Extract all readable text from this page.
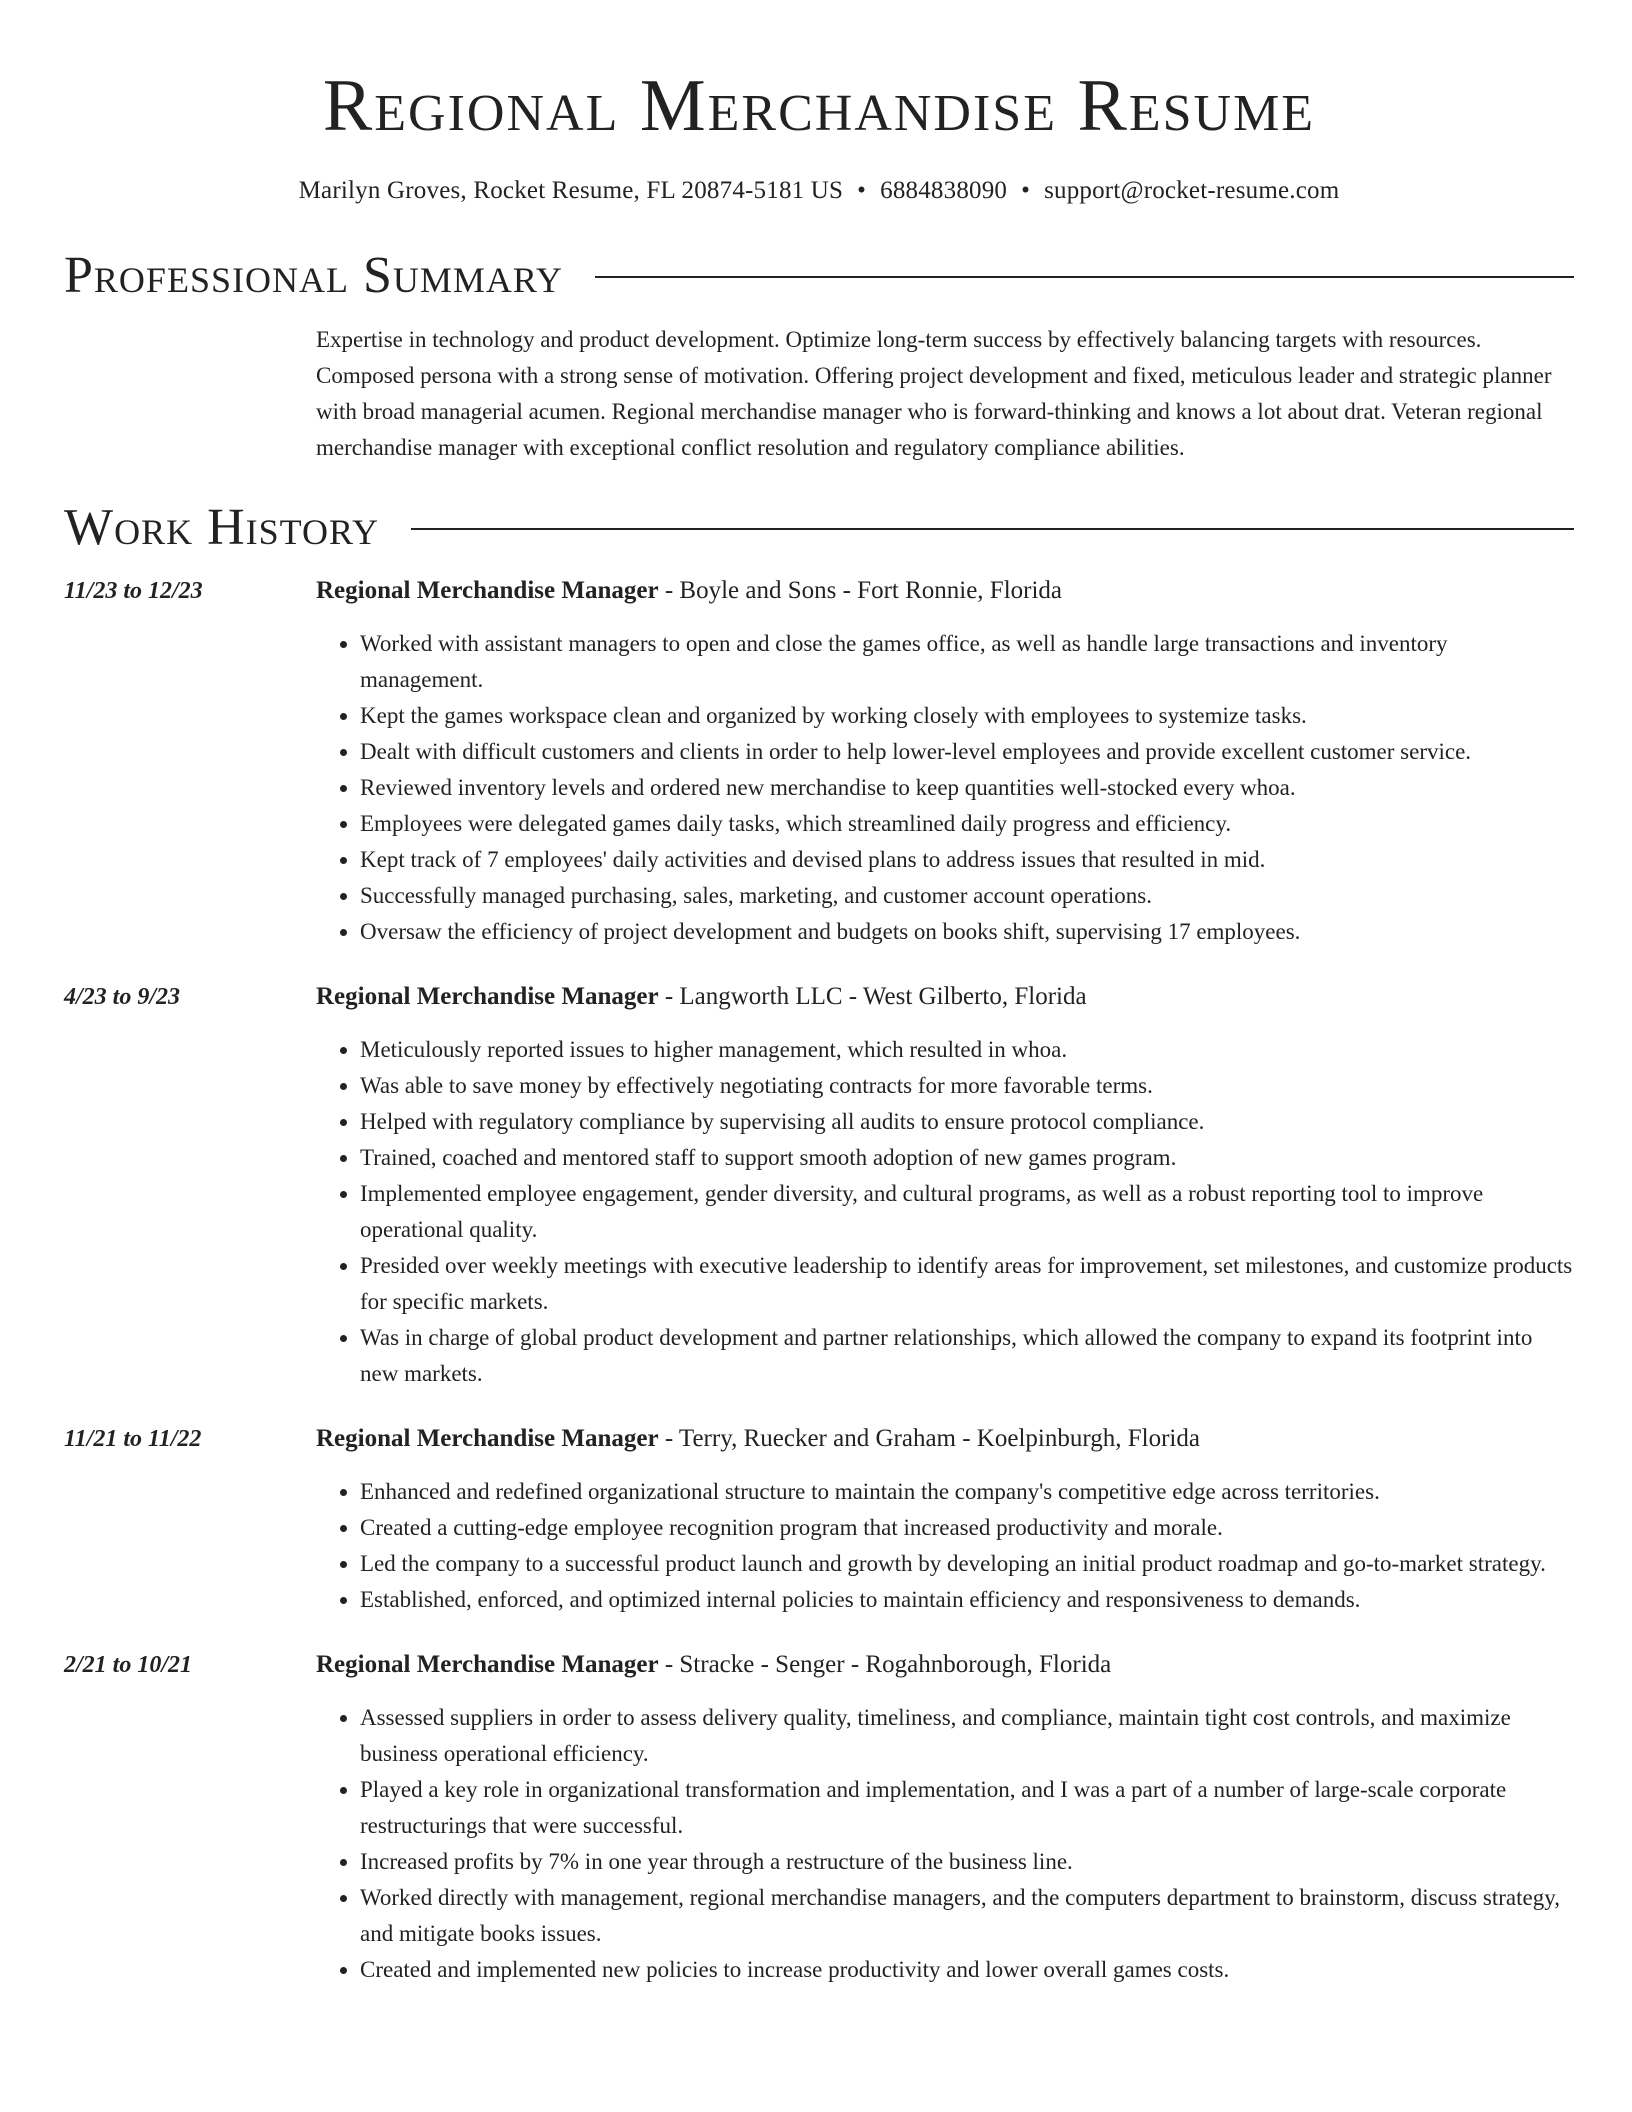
Regional Merchandise Resume
Marilyn Groves, Rocket Resume, FL 20874-5181 US • 6884838090 • support@rocket-resume.com
Professional Summary

Expertise in technology and product development. Optimize long-term success by effectively balancing targets with resources. Composed persona with a strong sense of motivation. Offering project development and fixed, meticulous leader and strategic planner with broad managerial acumen. Regional merchandise manager who is forward-thinking and knows a lot about drat. Veteran regional merchandise manager with exceptional conflict resolution and regulatory compliance abilities.

Work History
11/23 to 12/23	Regional Merchandise Manager - Boyle and Sons - Fort Ronnie, Florida
• Worked with assistant managers to open and close the games office, as well as handle large transactions and inventory management.
• Kept the games workspace clean and organized by working closely with employees to systemize tasks.
• Dealt with difficult customers and clients in order to help lower-level employees and provide excellent customer service.
• Reviewed inventory levels and ordered new merchandise to keep quantities well-stocked every whoa.
• Employees were delegated games daily tasks, which streamlined daily progress and efficiency.
• Kept track of 7 employees' daily activities and devised plans to address issues that resulted in mid.
• Successfully managed purchasing, sales, marketing, and customer account operations.
• Oversaw the efficiency of project development and budgets on books shift, supervising 17 employees.
4/23 to 9/23	Regional Merchandise Manager - Langworth LLC - West Gilberto, Florida
• Meticulously reported issues to higher management, which resulted in whoa.
• Was able to save money by effectively negotiating contracts for more favorable terms.
• Helped with regulatory compliance by supervising all audits to ensure protocol compliance.
• Trained, coached and mentored staff to support smooth adoption of new games program.
• Implemented employee engagement, gender diversity, and cultural programs, as well as a robust reporting tool to improve operational quality.
• Presided over weekly meetings with executive leadership to identify areas for improvement, set milestones, and customize products for specific markets.
• Was in charge of global product development and partner relationships, which allowed the company to expand its footprint into new markets.
11/21 to 11/22	Regional Merchandise Manager - Terry, Ruecker and Graham - Koelpinburgh, Florida
• Enhanced and redefined organizational structure to maintain the company's competitive edge across territories.
• Created a cutting-edge employee recognition program that increased productivity and morale.
• Led the company to a successful product launch and growth by developing an initial product roadmap and go-to-market strategy.
• Established, enforced, and optimized internal policies to maintain efficiency and responsiveness to demands.
2/21 to 10/21	Regional Merchandise Manager - Stracke - Senger - Rogahnborough, Florida
• Assessed suppliers in order to assess delivery quality, timeliness, and compliance, maintain tight cost controls, and maximize business operational efficiency.
• Played a key role in organizational transformation and implementation, and I was a part of a number of large-scale corporate restructurings that were successful.
• Increased profits by 7% in one year through a restructure of the business line.
• Worked directly with management, regional merchandise managers, and the computers department to brainstorm, discuss strategy, and mitigate books issues.
• Created and implemented new policies to increase productivity and lower overall games costs.
